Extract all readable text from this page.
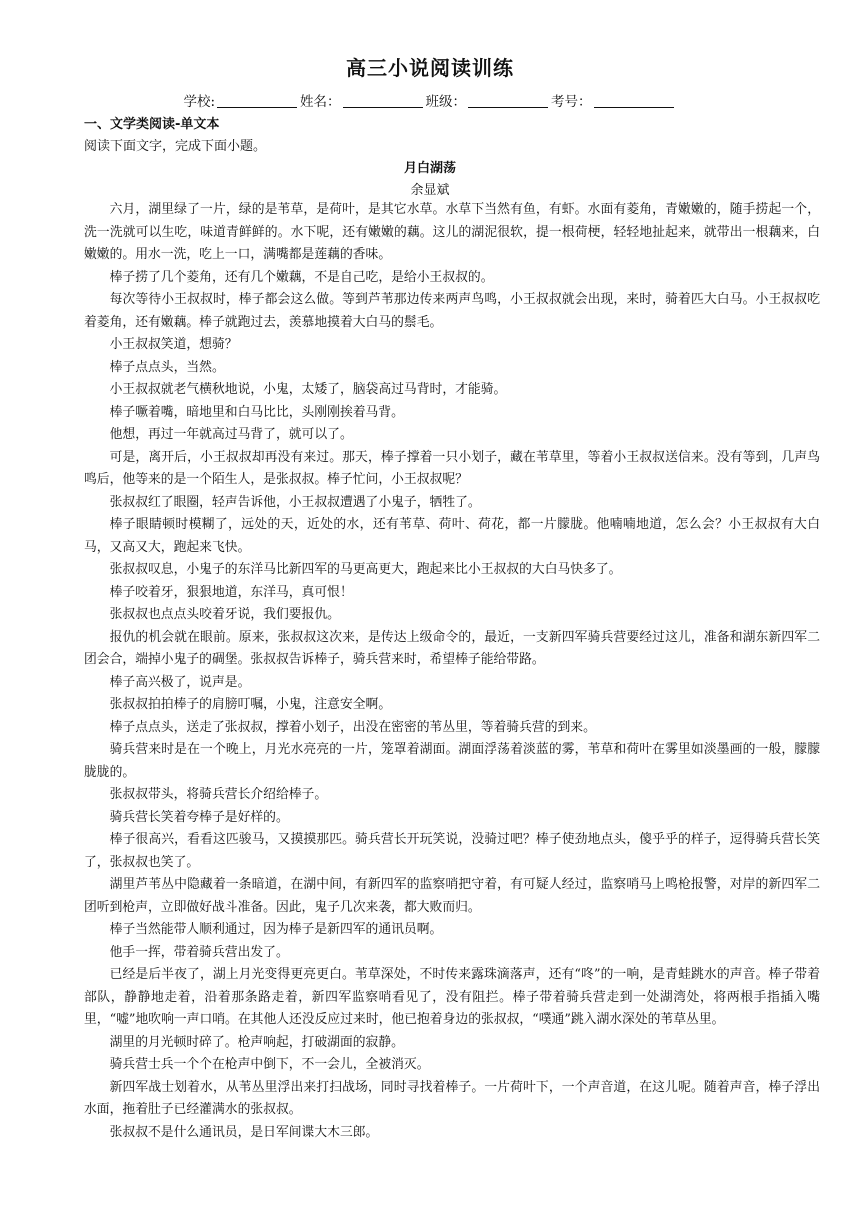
高三小说阅读训练
学校:	姓名：	班级：	考号：
一、文学类阅读-单文本
阅读下面文字，完成下面小题。
月白湖荡
余显斌

六月，湖里绿了一片，绿的是苇草，是荷叶，是其它水草。水草下当然有鱼，有虾。水面有菱角，青嫩嫩的，随手捞起一个，洗一洗就可以生吃，味道青鲜鲜的。水下呢，还有嫩嫩的藕。这儿的湖泥很软，提一根荷梗，轻轻地扯起来，就带出一根藕来，白嫩嫩的。用水一洗，吃上一口，满嘴都是莲藕的香味。

棒子捞了几个菱角，还有几个嫩藕，不是自己吃，是给小王叔叔的。

每次等待小王叔叔时，棒子都会这么做。等到芦苇那边传来两声鸟鸣，小王叔叔就会出现，来时，骑着匹大白马。小王叔叔吃着菱角，还有嫩藕。棒子就跑过去，羡慕地摸着大白马的鬃毛。

小王叔叔笑道，想骑？

棒子点点头，当然。

小王叔叔就老气横秋地说，小鬼，太矮了，脑袋高过马背时，才能骑。

棒子噘着嘴，暗地里和白马比比，头刚刚挨着马背。

他想，再过一年就高过马背了，就可以了。

可是，离开后，小王叔叔却再没有来过。那天，棒子撑着一只小划子，藏在苇草里，等着小王叔叔送信来。没有等到，几声鸟鸣后，他等来的是一个陌生人，是张叔叔。棒子忙问，小王叔叔呢？

张叔叔红了眼圈，轻声告诉他，小王叔叔遭遇了小鬼子，牺牲了。

棒子眼睛顿时模糊了，远处的天，近处的水，还有苇草、荷叶、荷花，都一片朦胧。他喃喃地道，怎么会？小王叔叔有大白马，又高又大，跑起来飞快。

张叔叔叹息，小鬼子的东洋马比新四军的马更高更大，跑起来比小王叔叔的大白马快多了。

棒子咬着牙，狠狠地道，东洋马，真可恨！

张叔叔也点点头咬着牙说，我们要报仇。

报仇的机会就在眼前。原来，张叔叔这次来，是传达上级命令的，最近，一支新四军骑兵营要经过这儿，准备和湖东新四军二团会合，端掉小鬼子的碉堡。张叔叔告诉棒子，骑兵营来时，希望棒子能给带路。

棒子高兴极了，说声是。

张叔叔拍拍棒子的肩膀叮嘱，小鬼，注意安全啊。

棒子点点头，送走了张叔叔，撑着小划子，出没在密密的苇丛里，等着骑兵营的到来。

骑兵营来时是在一个晚上，月光水亮亮的一片，笼罩着湖面。湖面浮荡着淡蓝的雾，苇草和荷叶在雾里如淡墨画的一般，朦朦胧胧的。

张叔叔带头，将骑兵营长介绍给棒子。

骑兵营长笑着夸棒子是好样的。

棒子很高兴，看看这匹骏马，又摸摸那匹。骑兵营长开玩笑说，没骑过吧？棒子使劲地点头，傻乎乎的样子，逗得骑兵营长笑了，张叔叔也笑了。

湖里芦苇丛中隐藏着一条暗道，在湖中间，有新四军的监察哨把守着，有可疑人经过，监察哨马上鸣枪报警，对岸的新四军二团听到枪声，立即做好战斗准备。因此，鬼子几次来袭，都大败而归。

棒子当然能带人顺利通过，因为棒子是新四军的通讯员啊。

他手一挥，带着骑兵营出发了。

已经是后半夜了，湖上月光变得更亮更白。苇草深处，不时传来露珠滴落声，还有“咚”的一响，是青蛙跳水的声音。棒子带着部队，静静地走着，沿着那条路走着，新四军监察哨看见了，没有阻拦。棒子带着骑兵营走到一处湖湾处，将两根手指插入嘴里，“嘘”地吹响一声口哨。在其他人还没反应过来时，他已抱着身边的张叔叔，“噗通”跳入湖水深处的苇草丛里。

湖里的月光顿时碎了。枪声响起，打破湖面的寂静。

骑兵营士兵一个个在枪声中倒下，不一会儿，全被消灭。

新四军战士划着水，从苇丛里浮出来打扫战场，同时寻找着棒子。一片荷叶下，一个声音道，在这儿呢。随着声音，棒子浮出水面，拖着肚子已经灌满水的张叔叔。

张叔叔不是什么通讯员，是日军间谍大木三郎。
